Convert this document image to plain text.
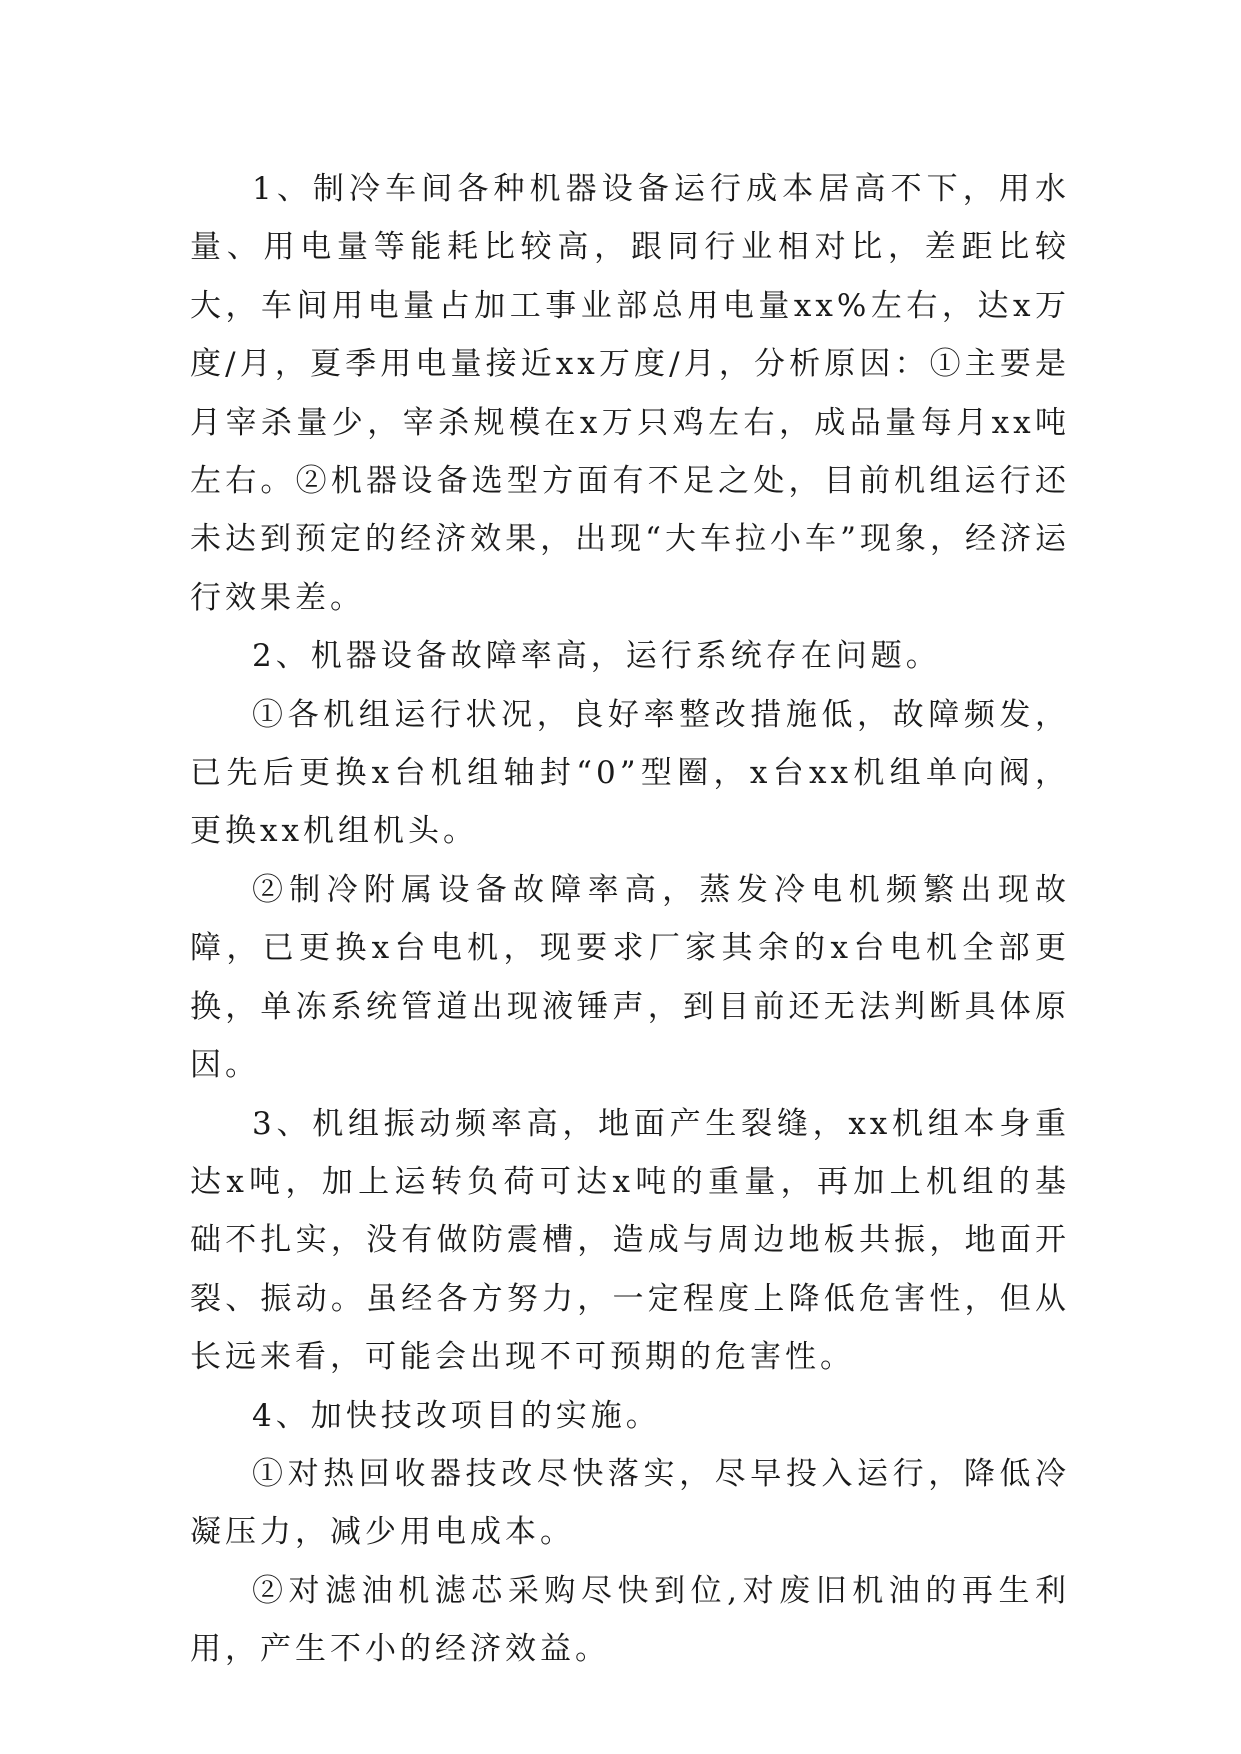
1、制冷车间各种机器设备运行成本居高不下，用水量、用电量等能耗比较高，跟同行业相对比，差距比较大，车间用电量占加工事业部总用电量xx%左右，达x万度/月，夏季用电量接近xx万度/月，分析原因：①主要是月宰杀量少，宰杀规模在x万只鸡左右，成品量每月xx吨左右。②机器设备选型方面有不足之处，目前机组运行还未达到预定的经济效果，出现“大车拉小车”现象，经济运行效果差。

2、机器设备故障率高，运行系统存在问题。

①各机组运行状况，良好率整改措施低，故障频发，已先后更换x台机组轴封“0”型圈，x台xx机组单向阀，更换xx机组机头。

②制冷附属设备故障率高，蒸发冷电机频繁出现故障，已更换x台电机，现要求厂家其余的x台电机全部更换，单冻系统管道出现液锤声，到目前还无法判断具体原因。

3、机组振动频率高，地面产生裂缝，xx机组本身重达x吨，加上运转负荷可达x吨的重量，再加上机组的基础不扎实，没有做防震槽，造成与周边地板共振，地面开裂、振动。虽经各方努力，一定程度上降低危害性，但从长远来看，可能会出现不可预期的危害性。

4、加快技改项目的实施。

①对热回收器技改尽快落实，尽早投入运行，降低冷凝压力，减少用电成本。

②对滤油机滤芯采购尽快到位,对废旧机油的再生利用，产生不小的经济效益。
